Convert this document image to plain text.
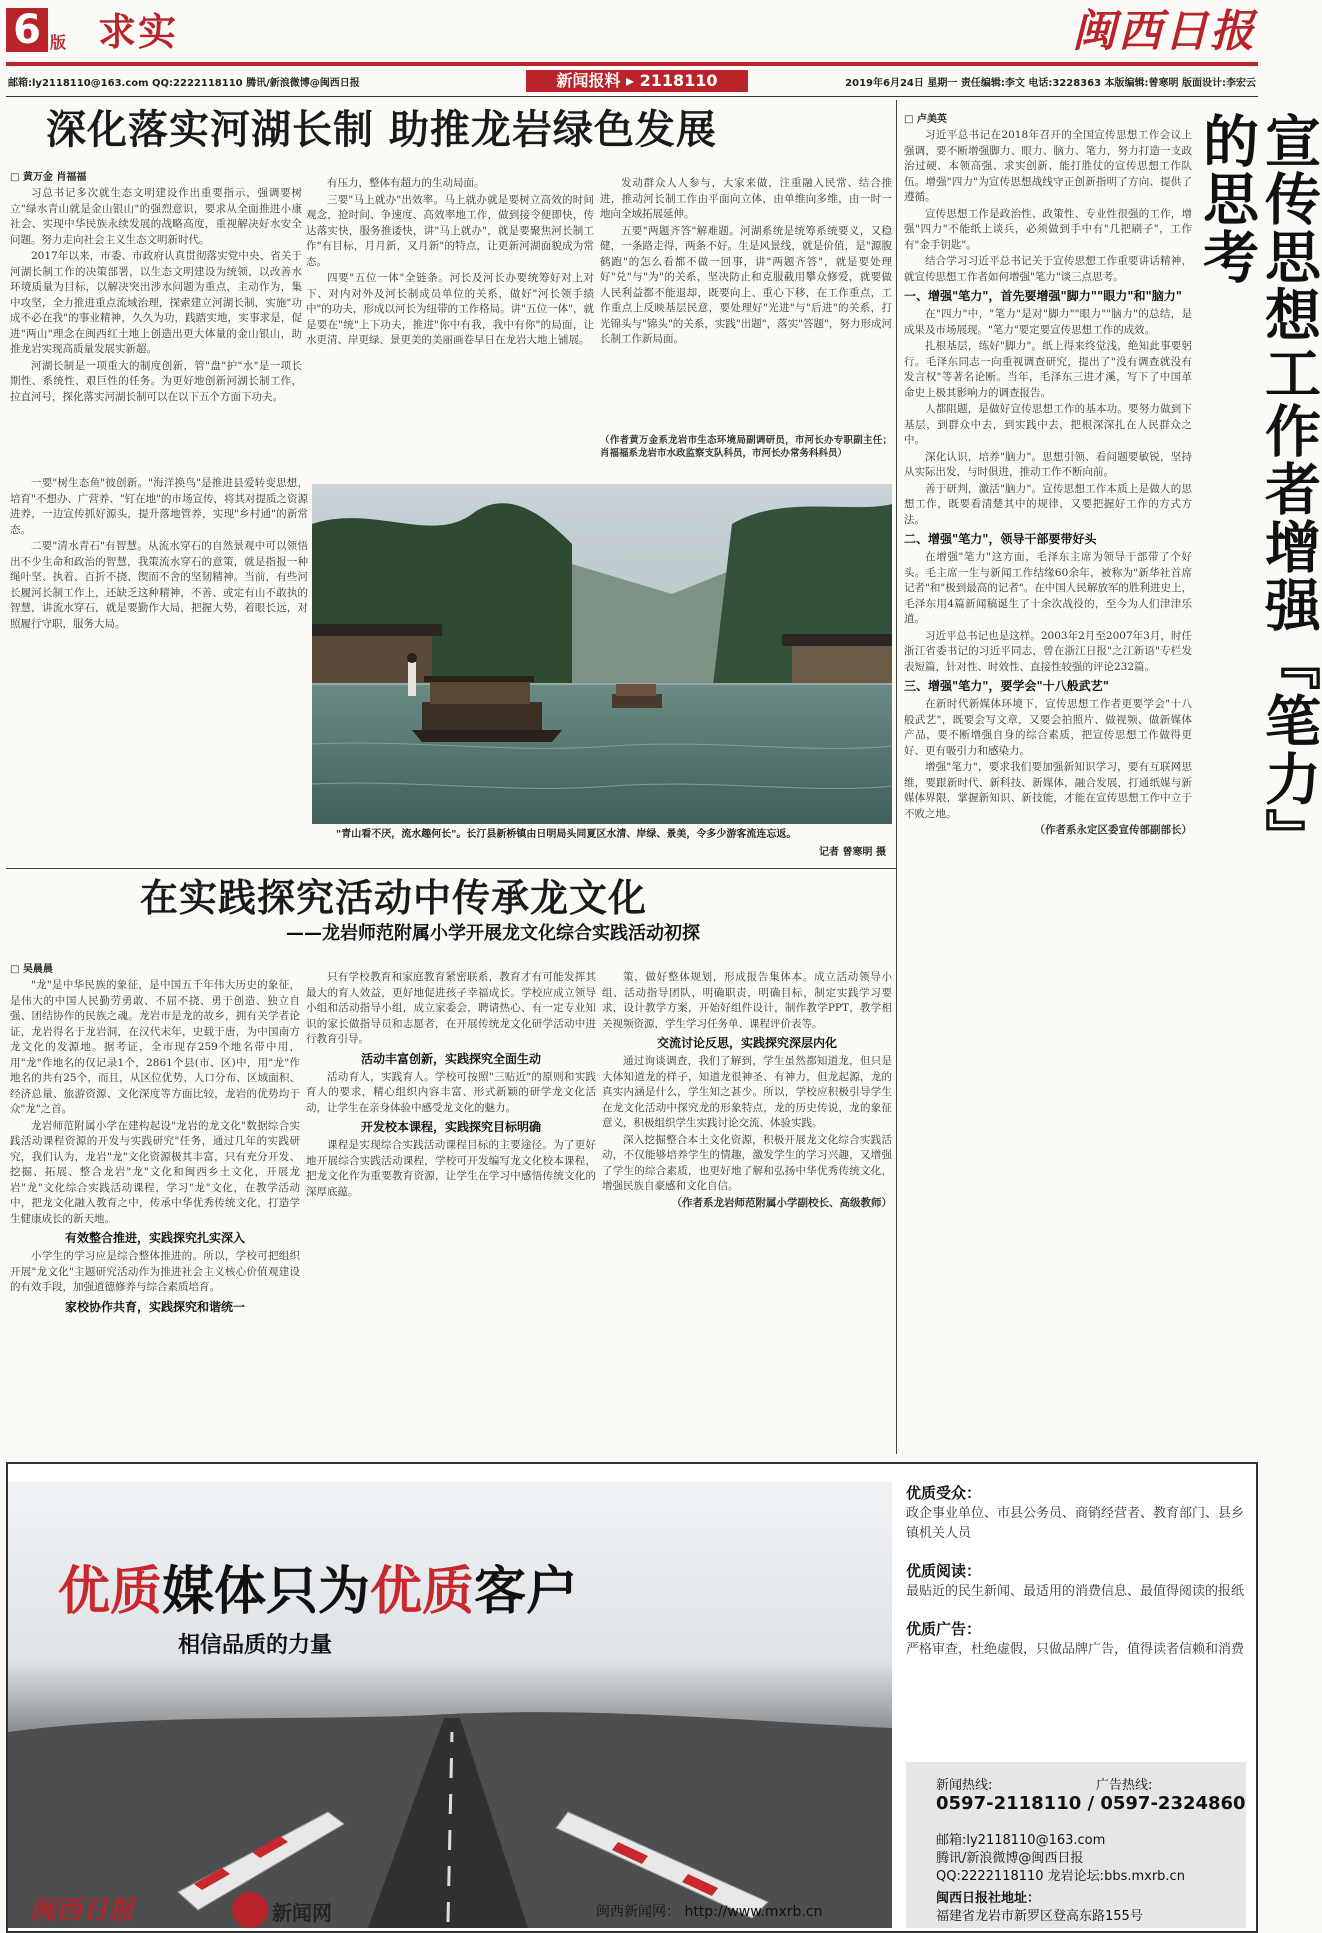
6 版 求实	闽西日报
邮箱:ly2118110@163.com QQ:2222118110 腾讯/新浪微博@闽西日报	新闻报料 ▸ 2118110	2019年6月24日 星期一 责任编辑:李文 电话:3228363 本版编辑:曾寒明 版面设计:李宏云
深化落实河湖长制 助推龙岩绿色发展
□ 黄万金 肖福福

习总书记多次就生态文明建设作出重要指示，强调要树立"绿水青山就是金山银山"的强烈意识，要求从全面推进小康社会、实现中华民族永续发展的战略高度，重视解决好水安全问题。努力走向社会主义生态文明新时代。

2017年以来，市委、市政府认真贯彻落实党中央、省关于河湖长制工作的决策部署，以生态文明建设为统领，以改善水环境质量为目标，以解决突出涉水问题为重点，主动作为，集中攻坚，全力推进重点流域治理，探索建立河湖长制，实施"功成不必在我"的事业精神，久久为功，践踏实地，实事求是，促进"两山"理念在闽西红土地上创造出更大体量的金山银山，助推龙岩实现高质量发展实新超。

河湖长制是一项重大的制度创新，管"盘"护"水"是一项长期性、系统性、艰巨性的任务。为更好地创新河湖长制工作，拉直河号，探化落实河湖长制可以在以下五个方面下功夫。

有压力，整体有超力的生动局面。

三要"马上就办"出效率。马上就办就是要树立高效的时间观念，抢时间、争速度、高效率地工作，做到接令便即快，传达落实快，服务推诿快，讲"马上就办"，就是要聚焦河长制工作"有目标，月月新，又月新"的特点，让更新河湖面貌成为常态。

四要"五位一体"全链条。河长及河长办要统筹好对上对下、对内对外及河长制成员单位的关系，做好"河长领手绩中"的功夫，形成以河长为纽带的工作格局。讲"五位一体"，就是要在"统"上下功夫，推进"你中有我，我中有你"的局面，让水更清、岸更绿、景更美的美丽画卷早日在龙岩大地上铺展。

发动群众人人参与，大家来做，注重融入民常、结合推进，推动河长制工作由平面向立体，由单维向多维，由一时一地向全域拓展延伸。

五要"两题齐答"解难题。河湖系统是统筹系统要义，又稳健，一条路走得，两条不好。生是风景线，就是价值，是"源腹鹤跑"的怎么看都不做一回事，讲"两题齐答"，就是要处理好"兑"与"为"的关系，坚决防止和克服截用攀众修爱，就要做人民利益都不能退却，既要向上、重心下移，在工作重点，工作重点上反映基层民意，要处理好"光进"与"后进"的关系，打光锦头与"锦头"的关系，实践"出题"，落实"答题"，努力形成河长制工作新局面。

（作者黄万金系龙岩市生态环境局副调研员，市河长办专职副主任；肖福福系龙岩市水政监察支队科员，市河长办常务科科员）

一要"树生态鱼"彼创新。"海洋换鸟"是推进县爱转变思想，培育"不想办、广营养、"钉在地"的市场宣传，将其对提质之资源进养，一边宣传抓好源头，提升落地管养，实现"乡村通"的新常态。

二要"清水青石"有智慧。从流水穿石的自然景观中可以领悟出不少生命和政治的智慧，我策流水穿石的意策，就是指报一种绳叶坚、执着、百折不挠、锲而不舍的坚韧精神。当前，有些河长履河长制工作上，还缺乏这种精神，不善、或定有山不敢执的智慧，讲流水穿石，就是要勤作大局，把握大势，着眼长远，对照履行守职，服务大局。

"青山看不厌，流水趣何长"。长汀县新桥镇由日明局头同夏区水清、岸绿、景美，令多少游客流连忘返。
记者 曾寒明 摄
在实践探究活动中传承龙文化
——龙岩师范附属小学开展龙文化综合实践活动初探
□ 吴晨晨

"龙"是中华民族的象征，是中国五千年伟大历史的象征，是伟大的中国人民勤劳勇敢、不屈不挠、勇于创造、独立自强、团结协作的民族之魂。龙岩市是龙的故乡，拥有关学者论证，龙岩得名于龙岩洞，在汉代末年，史载于唐，为中国南方龙文化的发源地。据考证，全市现存259个地名带中用，用"龙"作地名的仅记录1个，2861个县(市、区)中，用"龙"作地名的共有25个，而且，从区位优势、人口分布、区域面积、经济总量、旅游资源、文化深度等方面比较，龙岩的优势均于众"龙"之首。

龙岩师范附属小学在建构起设"龙岩的龙文化"数据综合实践活动课程资源的开发与实践研究"任务，通过几年的实践研究，我们认为，龙岩"龙"文化资源极其丰富，只有充分开发、挖掘、拓展、整合龙岩"龙"文化和闽西乡土文化，开展龙岩"龙"文化综合实践活动课程，学习"龙"文化，在教学活动中，把龙文化融入教育之中，传承中华优秀传统文化，打造学生健康成长的新天地。

有效整合推进，实践探究扎实深入

小学生的学习应是综合整体推进的。所以，学校可把组织开展"龙文化"主题研究活动作为推进社会主义核心价值观建设的有效手段，加强道德修养与综合素质培育。

家校协作共育，实践探究和谐统一

只有学校教育和家庭教育紧密联系，教育才有可能发挥其最大的育人效益，更好地促进孩子幸福成长。学校应成立领导小组和活动指导小组，成立家委会，聘请热心、有一定专业知识的家长做指导员和志愿者，在开展传统龙文化研学活动中进行教育引导。

活动丰富创新，实践探究全面生动

活动育人，实践育人。学校可按照"三贴近"的原则和实践育人的要求，精心组织内容丰富、形式新颖的研学龙文化活动，让学生在亲身体验中感受龙文化的魅力。

开发校本课程，实践探究目标明确

课程是实现综合实践活动课程目标的主要途径。为了更好地开展综合实践活动课程，学校可开发编写龙文化校本课程，把龙文化作为重要教育资源，让学生在学习中感悟传统文化的深厚底蕴。

策，做好整体规划，形成报告集体本。成立活动领导小组、活动指导团队，明确职责，明确目标，制定实践学习要求，设计教学方案，开始好组件设计，制作教学PPT，教学相关视频资源，学生学习任务单、课程评价表等。

交流讨论反思，实践探究深层内化

通过询谈调查，我们了解到，学生虽然都知道龙，但只是大体知道龙的样子，知道龙很神圣、有神力，但龙起源，龙的真实内涵是什么，学生知之甚少。所以，学校应积极引导学生在龙文化活动中探究龙的形象特点，龙的历史传说，龙的象征意义，积极组织学生实践讨论交流、体验实践。

深入挖掘整合本土文化资源，积极开展龙文化综合实践活动，不仅能够培养学生的情趣，激发学生的学习兴趣，又增强了学生的综合素质，也更好地了解和弘扬中华优秀传统文化，增强民族自豪感和文化自信。

（作者系龙岩师范附属小学副校长、高级教师）

□ 卢美英	宣传思想工作者增强『笔力』的思考

习近平总书记在2018年召开的全国宣传思想工作会议上强调，要不断增强脚力、眼力、脑力、笔力，努力打造一支政治过硬、本领高强、求实创新、能打胜仗的宣传思想工作队伍。增强"四力"为宣传思想战线守正创新指明了方向、提供了遵循。

宣传思想工作是政治性、政策性、专业性很强的工作，增强"四力"不能纸上谈兵，必须做到手中有"几把刷子"，工作有"金手钥匙"。

结合学习习近平总书记关于宣传思想工作重要讲话精神，就宣传思想工作者如何增强"笔力"谈三点思考。

一、增强"笔力"，首先要增强"脚力""眼力"和"脑力"

在"四力"中，"笔力"是对"脚力""眼力""脑力"的总结，是成果及市场展现。"笔力"要定要宣传思想工作的成效。

扎根基层，练好"脚力"。纸上得来终觉浅，绝知此事要躬行。毛泽东同志一向重视调查研究，提出了"没有调查就没有发言权"等著名论断。当年，毛泽东三进才溪，写下了中国革命史上极其影响力的调查报告。

人都阻题，是做好宣传思想工作的基本功。要努力做到下基层，到群众中去，到实践中去，把根深深扎在人民群众之中。

深化认识，培养"脑力"。思想引领、看问题要敏锐，坚持从实际出发，与时俱进，推动工作不断向前。

善于研判，激活"脑力"。宣传思想工作本质上是做人的思想工作，既要看清楚其中的规律，又要把握好工作的方式方法。

二、增强"笔力"，领导干部要带好头

在增强"笔力"这方面，毛泽东主席为领导干部带了个好头。毛主席一生与新闻工作结缘60余年，被称为"新华社首席记者"和"极到最高的记者"。在中国人民解放军的胜利进史上，毛泽东用4篇新闻稿诞生了十余次战役的，至今为人们津津乐道。

习近平总书记也是这样。2003年2月至2007年3月，时任浙江省委书记的习近平同志，曾在浙江日报"之江新语"专栏发表短篇，针对性、时效性、直接性较强的评论232篇。

三、增强"笔力"，要学会"十八般武艺"

在新时代新媒体环境下，宣传思想工作者更要学会"十八般武艺"，既要会写文章，又要会拍照片、做视频、做新媒体产品，要不断增强自身的综合素质，把宣传思想工作做得更好、更有吸引力和感染力。

增强"笔力"，要求我们要加强新知识学习，要有互联网思维，要跟新时代、新科技、新媒体，融合发展，打通纸媒与新媒体界限，掌握新知识、新技能，才能在宣传思想工作中立于不败之地。

（作者系永定区委宣传部副部长）

优质媒体只为优质客户
相信品质的力量
优质受众：
政企事业单位、市县公务员、商销经营者、教育部门、县乡镇机关人员
优质阅读：
最贴近的民生新闻、最适用的消费信息、最值得阅读的报纸
优质广告：
严格审查，杜绝虚假，只做品牌广告，值得读者信赖和消费
新闻热线:	广告热线:
0597-2118110 / 0597-2324860
邮箱:ly2118110@163.com
腾讯/新浪微博@闽西日报
QQ:2222118110 龙岩论坛:bbs.mxrb.cn
闽西日报社地址：
福建省龙岩市新罗区登高东路155号
闽西日报	新闻网	闽西新闻网： http://www.mxrb.cn
